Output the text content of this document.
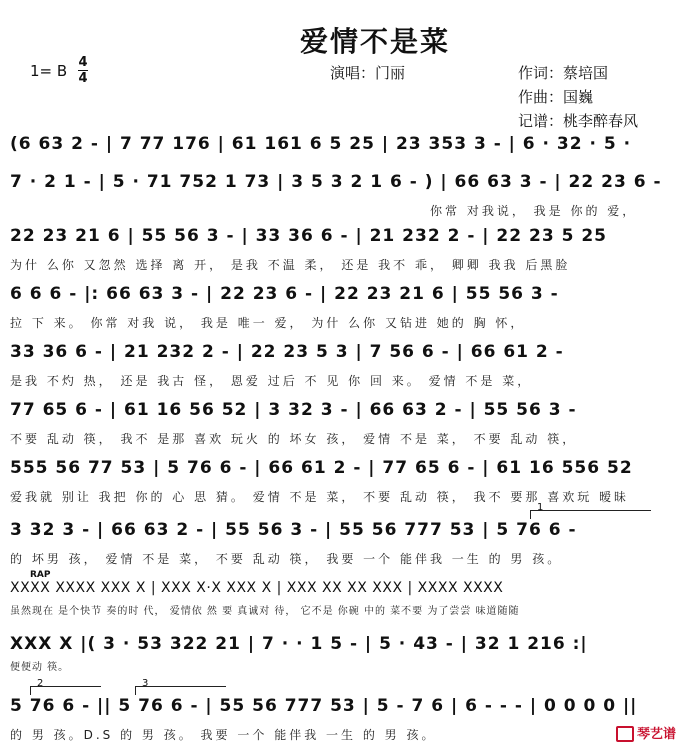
爱情不是菜
演唱：门丽	作词：蔡培国
作曲：国巍
记谱：桃李醉春风
1= B 4
4
(6 63 2 - | 7 77 176 | 61 161 6 5 25 | 23 353 3 - | 6 · 32 · 5 ·
7 · 2 1 - | 5 · 71 752 1 73 | 3 5 3 2 1 6 - ) | 66 63 3 - | 22 23 6 -
你常 对我说， 我是 你的 爱，
22 23 21 6 | 55 56 3 - | 33 36 6 - | 21 232 2 - | 22 23 5 25
为什 么你 又忽然 选择 离 开， 是我 不温 柔， 还是 我不 乖， 卿卿 我我 后黑脸
6 6 6 - |: 66 63 3 - | 22 23 6 - | 22 23 21 6 | 55 56 3 -
拉 下 来。 你常 对我 说， 我是 唯一 爱， 为什 么你 又钻进 她的 胸 怀，
33 36 6 - | 21 232 2 - | 22 23 5 3 | 7 56 6 - | 66 61 2 -
是我 不灼 热， 还是 我古 怪， 恩爱 过后 不 见 你 回 来。 爱情 不是 菜，
77 65 6 - | 61 16 56 52 | 3 32 3 - | 66 63 2 - | 55 56 3 -
不要 乱动 筷， 我不 是那 喜欢 玩火 的 坏女 孩， 爱情 不是 菜， 不要 乱动 筷，
555 56 77 53 | 5 76 6 - | 66 61 2 - | 77 65 6 - | 61 16 556 52
爱我就 别让 我把 你的 心 思 猜。 爱情 不是 菜， 不要 乱动 筷， 我不 要那 喜欢玩 暧昧
1
3 32 3 - | 66 63 2 - | 55 56 3 - | 55 56 777 53 | 5 76 6 -
的 坏男 孩， 爱情 不是 菜， 不要 乱动 筷， 我要 一个 能伴我 一生 的 男 孩。
RAP
XXXX XXXX XXX X | XXX X·X XXX X | XXX XX XX XXX | XXXX XXXX
虽然现在 是个快节 奏的时 代， 爱情依 然 要 真诚对 待， 它不是 你碗 中的 菜不要 为了尝尝 味道随随
XXX X |( 3 · 53 322 21 | 7 · · 1 5 - | 5 · 43 - | 32 1 216 :|
便便动 筷。
2	3
5 76 6 - || 5 76 6 - | 55 56 777 53 | 5 - 7 6 | 6 - - - | 0 0 0 0 ||
的 男 孩。D.S 的 男 孩。 我要 一个 能伴我 一生 的 男 孩。	琴艺谱
